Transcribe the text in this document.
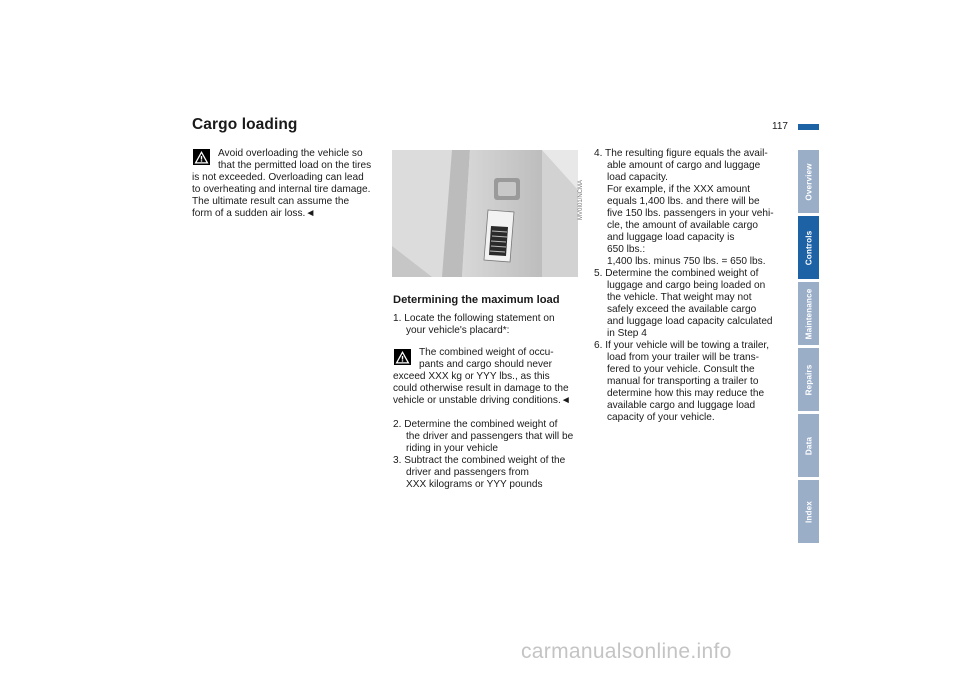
Cargo loading	117
Overview
Controls
Maintenance
Repairs
Data
Index
Avoid overloading the vehicle so
that the permitted load on the tires
is not exceeded. Overloading can lead
to overheating and internal tire damage.
The ultimate result can assume the
form of a sudden air loss.◄	MV0I01/NCMA
Determining the maximum load
1. Locate the following statement on
your vehicle's placard*:
The combined weight of occu-
pants and cargo should never
exceed XXX kg or YYY lbs., as this
could otherwise result in damage to the
vehicle or unstable driving conditions.◄
2. Determine the combined weight of
the driver and passengers that will be
riding in your vehicle
3. Subtract the combined weight of the
driver and passengers from
XXX kilograms or YYY pounds
4. The resulting figure equals the avail-
able amount of cargo and luggage
load capacity.
For example, if the XXX amount
equals 1,400 lbs. and there will be
five 150 lbs. passengers in your vehi-
cle, the amount of available cargo
and luggage load capacity is
650 lbs.:
1,400 lbs. minus 750 lbs. = 650 lbs.
5. Determine the combined weight of
luggage and cargo being loaded on
the vehicle. That weight may not
safely exceed the available cargo
and luggage load capacity calculated
in Step 4
6. If your vehicle will be towing a trailer,
load from your trailer will be trans-
fered to your vehicle. Consult the
manual for transporting a trailer to
determine how this may reduce the
available cargo and luggage load
capacity of your vehicle.
carmanualsonline.info
